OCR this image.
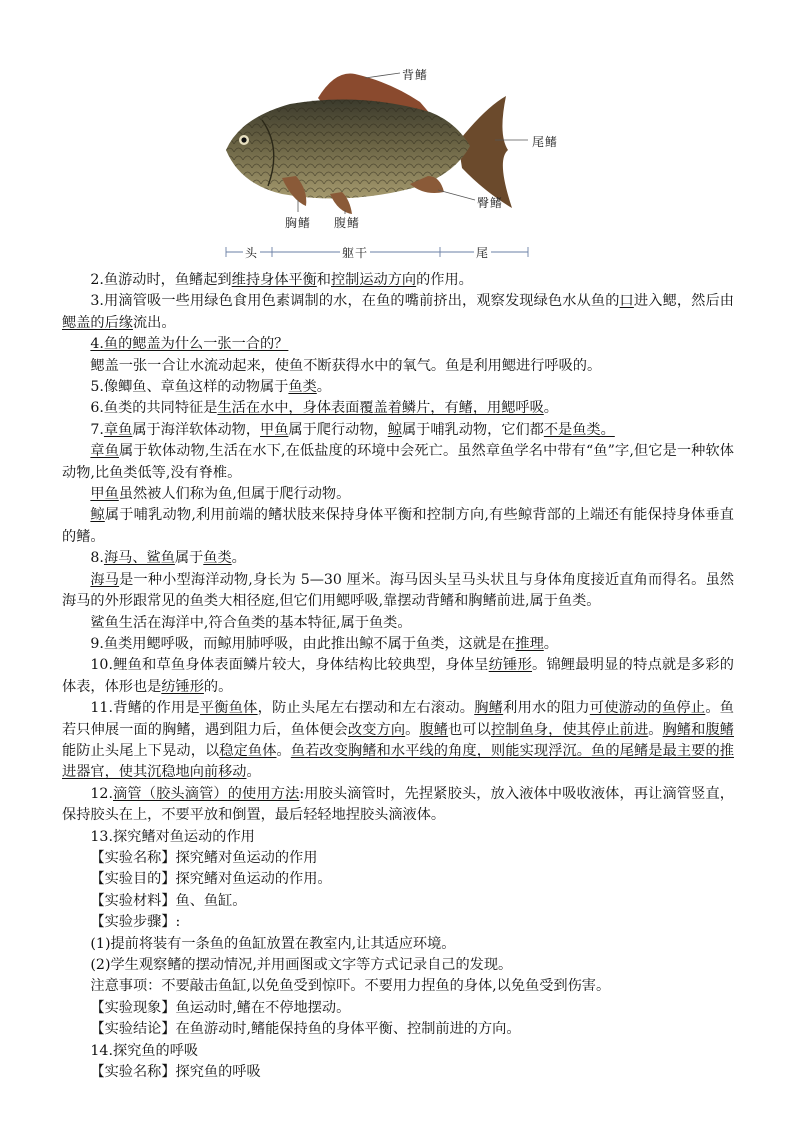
背鳍
尾鳍
臀鳍
胸鳍 腹鳍
头	躯干	尾

2.鱼游动时，鱼鳍起到维持身体平衡和控制运动方向的作用。

3.用滴管吸一些用绿色食用色素调制的水，在鱼的嘴前挤出，观察发现绿色水从鱼的口进入鳃，然后由鳃盖的后缘流出。

4.鱼的鳃盖为什么一张一合的？

鳃盖一张一合让水流动起来，使鱼不断获得水中的氧气。鱼是利用鳃进行呼吸的。

5.像鲫鱼、章鱼这样的动物属于鱼类。

6.鱼类的共同特征是生活在水中，身体表面覆盖着鳞片，有鳍，用鳃呼吸。

7.章鱼属于海洋软体动物，甲鱼属于爬行动物，鲸属于哺乳动物，它们都不是鱼类。

章鱼属于软体动物,生活在水下,在低盐度的环境中会死亡。虽然章鱼学名中带有“鱼”字,但它是一种软体动物,比鱼类低等,没有脊椎。

甲鱼虽然被人们称为鱼,但属于爬行动物。

鲸属于哺乳动物,利用前端的鳍状肢来保持身体平衡和控制方向,有些鲸背部的上端还有能保持身体垂直的鳍。

8.海马、鲨鱼属于鱼类。

海马是一种小型海洋动物,身长为 5—30 厘米。海马因头呈马头状且与身体角度接近直角而得名。虽然海马的外形跟常见的鱼类大相径庭,但它们用鳃呼吸,靠摆动背鳍和胸鳍前进,属于鱼类。

鲨鱼生活在海洋中,符合鱼类的基本特征,属于鱼类。

9.鱼类用鳃呼吸，而鲸用肺呼吸，由此推出鲸不属于鱼类，这就是在推理。

10.鲤鱼和草鱼身体表面鳞片较大，身体结构比较典型，身体呈纺锤形。锦鲤最明显的特点就是多彩的体表，体形也是纺锤形的。

11.背鳍的作用是平衡鱼体，防止头尾左右摆动和左右滚动。胸鳍利用水的阻力可使游动的鱼停止。鱼若只伸展一面的胸鳍，遇到阻力后，鱼体便会改变方向。腹鳍也可以控制鱼身，使其停止前进。胸鳍和腹鳍能防止头尾上下晃动，以稳定鱼体。鱼若改变胸鳍和水平线的角度，则能实现浮沉。鱼的尾鳍是最主要的推进器官，使其沉稳地向前移动。

12.滴管（胶头滴管）的使用方法:用胶头滴管时，先捏紧胶头，放入液体中吸收液体，再让滴管竖直，保持胶头在上，不要平放和倒置，最后轻轻地捏胶头滴液体。

13.探究鳍对鱼运动的作用

【实验名称】探究鳍对鱼运动的作用

【实验目的】探究鳍对鱼运动的作用。

【实验材料】鱼、鱼缸。

【实验步骤】:

(1)提前将装有一条鱼的鱼缸放置在教室内,让其适应环境。

(2)学生观察鳍的摆动情况,并用画图或文字等方式记录自己的发现。

注意事项：不要敲击鱼缸,以免鱼受到惊吓。不要用力捏鱼的身体,以免鱼受到伤害。

【实验现象】鱼运动时,鳍在不停地摆动。

【实验结论】在鱼游动时,鳍能保持鱼的身体平衡、控制前进的方向。

14.探究鱼的呼吸

【实验名称】探究鱼的呼吸
